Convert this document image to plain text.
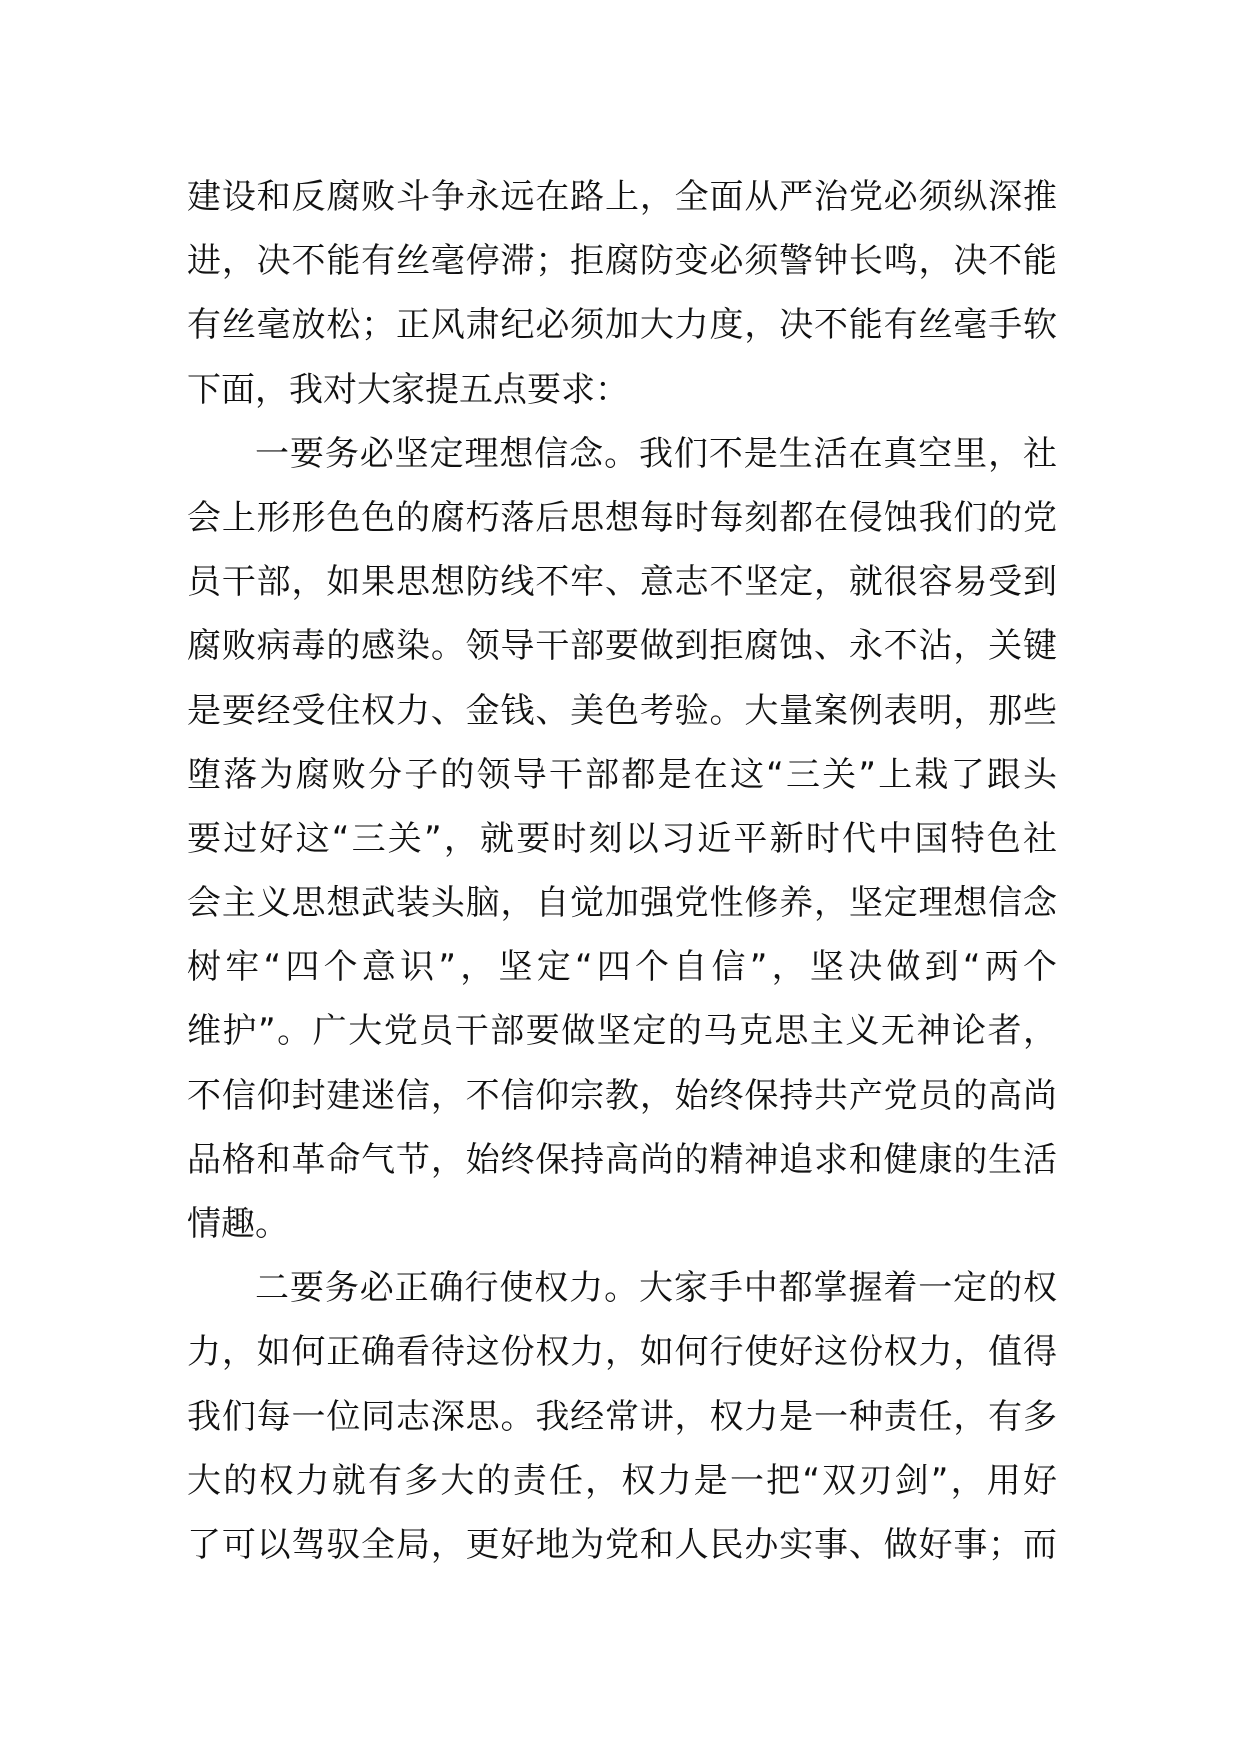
建设和反腐败斗争永远在路上，全面从严治党必须纵深推
进，决不能有丝毫停滞；拒腐防变必须警钟长鸣，决不能
有丝毫放松；正风肃纪必须加大力度，决不能有丝毫手软
下面，我对大家提五点要求：
一要务必坚定理想信念。我们不是生活在真空里，社
会上形形色色的腐朽落后思想每时每刻都在侵蚀我们的党
员干部，如果思想防线不牢、意志不坚定，就很容易受到
腐败病毒的感染。领导干部要做到拒腐蚀、永不沾，关键
是要经受住权力、金钱、美色考验。大量案例表明，那些
堕落为腐败分子的领导干部都是在这“三关”上栽了跟头
要过好这“三关”，就要时刻以习近平新时代中国特色社
会主义思想武装头脑，自觉加强党性修养，坚定理想信念
树牢“四个意识”，坚定“四个自信”，坚决做到“两个
维护”。广大党员干部要做坚定的马克思主义无神论者，
不信仰封建迷信，不信仰宗教，始终保持共产党员的高尚
品格和革命气节，始终保持高尚的精神追求和健康的生活
情趣。
二要务必正确行使权力。大家手中都掌握着一定的权
力，如何正确看待这份权力，如何行使好这份权力，值得
我们每一位同志深思。我经常讲，权力是一种责任，有多
大的权力就有多大的责任，权力是一把“双刃剑”，用好
了可以驾驭全局，更好地为党和人民办实事、做好事；而
